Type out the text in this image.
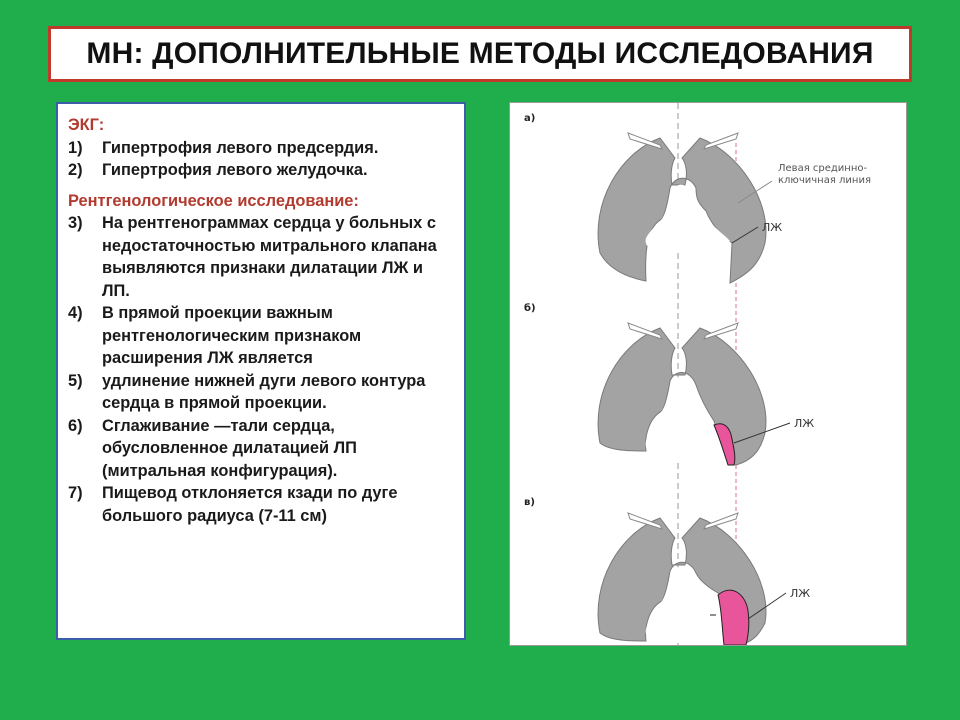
МН: ДОПОЛНИТЕЛЬНЫЕ МЕТОДЫ ИССЛЕДОВАНИЯ
ЭКГ:
1)	Гипертрофия левого предсердия.
2)	Гипертрофия левого желудочка.
Рентгенологическое исследование:
3)	На рентгенограммах сердца у больных с недостаточностью митрального клапана выявляются признаки дилатации ЛЖ и ЛП.
4)	В прямой проекции важным рентгенологическим признаком расширения ЛЖ является
5)	удлинение нижней дуги левого контура сердца в прямой проекции.
6)	Сглаживание —тали сердца, обусловленное дилатацией ЛП (митральная конфигурация).
7)	Пищевод отклоняется кзади по дуге большого радиуса (7-11 см)
а)
ЛЖ
Левая срединно-
ключичная линия
б)
ЛЖ
в)
ЛЖ
